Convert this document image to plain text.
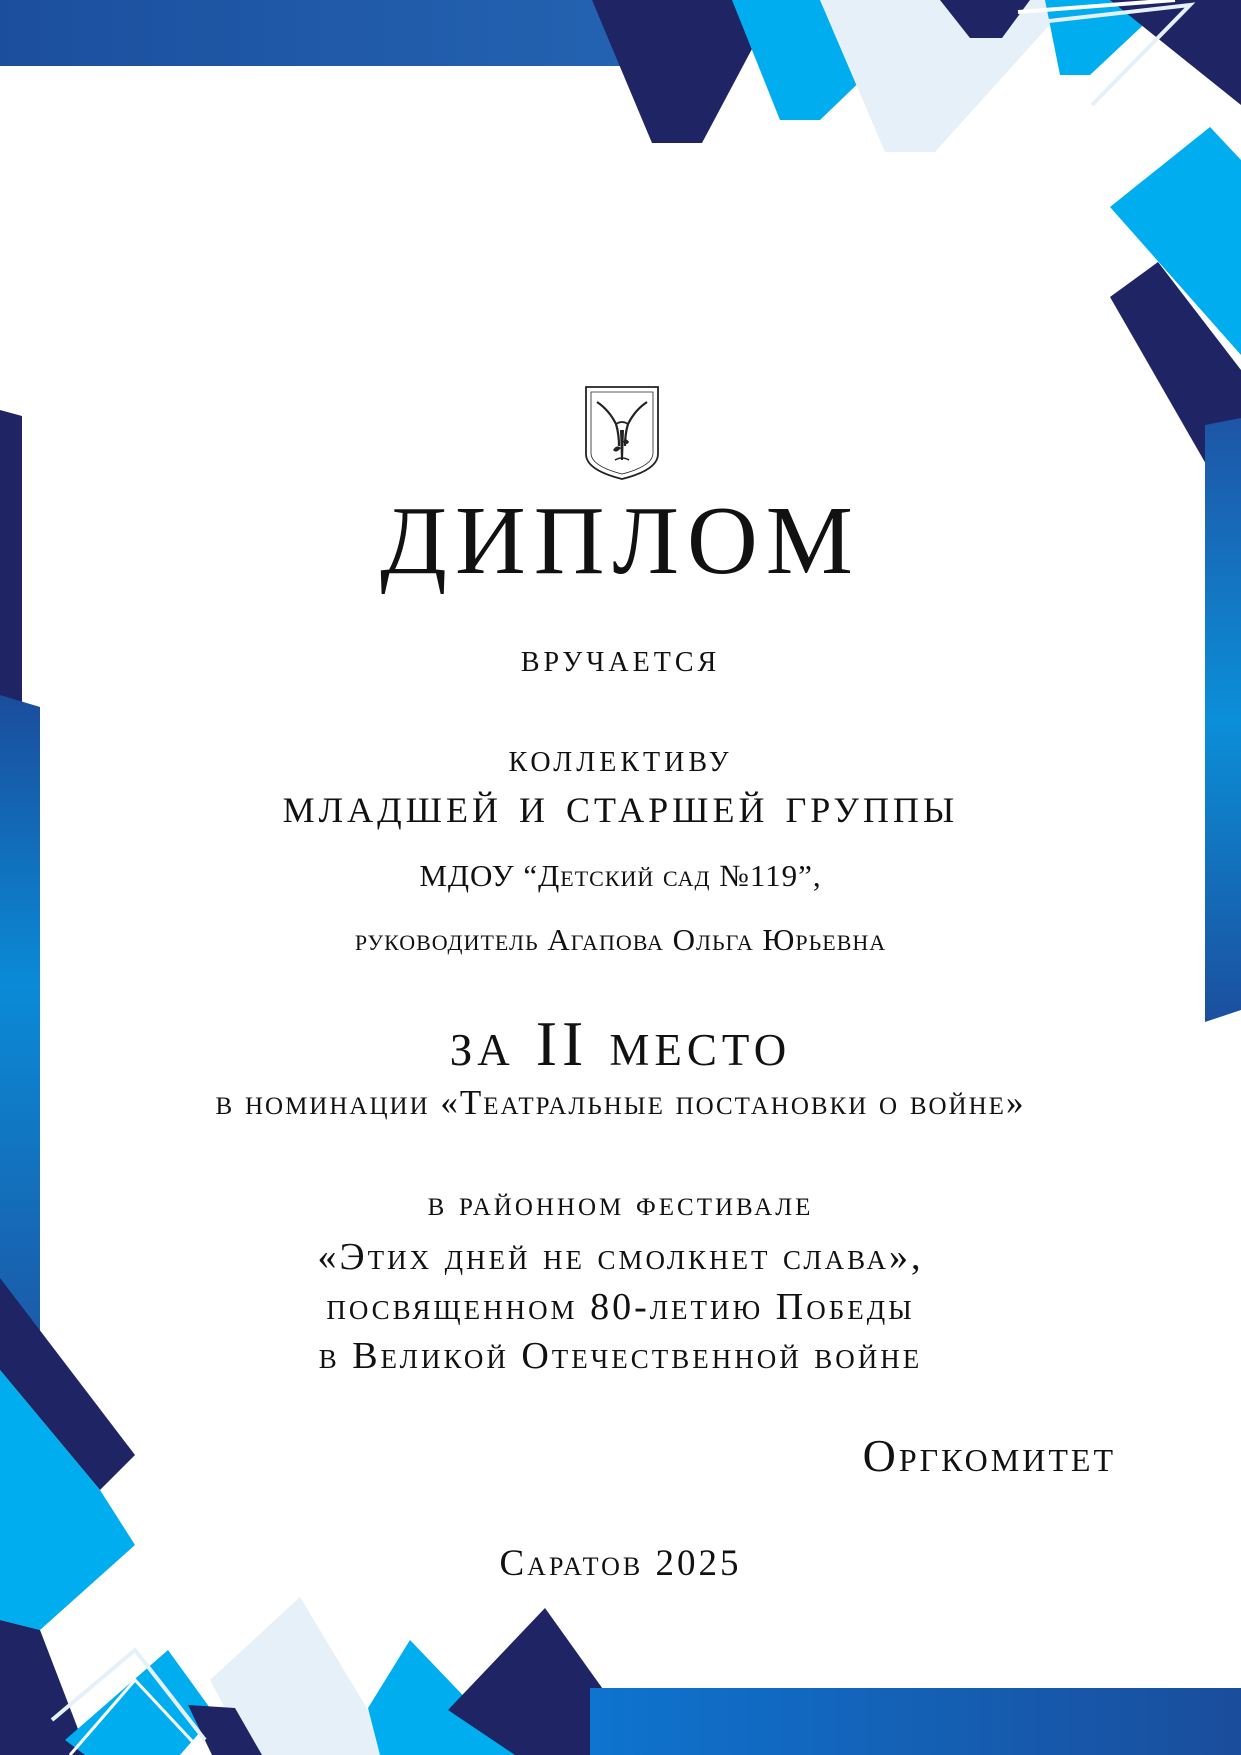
ДИПЛОМ
вручается
коллективу
младшей и старшей группы
МДОУ “Детский сад №119”,
руководитель Агапова Ольга Юрьевна
за II место
в номинации «Театральные постановки о войне»
в районном фестивале
«Этих дней не смолкнет слава»,
посвященном 80-летию Победы
в Великой Отечественной войне
Оргкомитет
Саратов 2025
